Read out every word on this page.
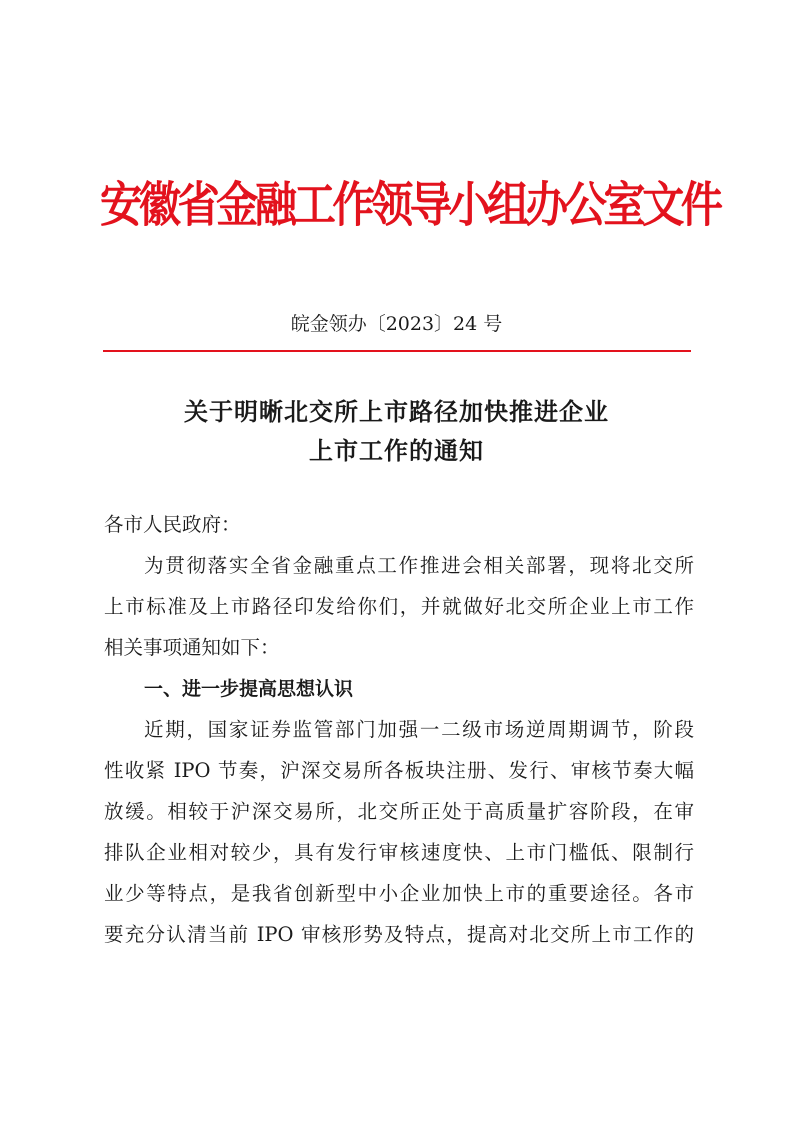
安徽省金融工作领导小组办公室文件
皖金领办〔2023〕24 号
关于明晰北交所上市路径加快推进企业
上市工作的通知
各市人民政府：
为贯彻落实全省金融重点工作推进会相关部署，现将北交所
上市标准及上市路径印发给你们，并就做好北交所企业上市工作
相关事项通知如下：
一、进一步提高思想认识
近期，国家证券监管部门加强一二级市场逆周期调节，阶段
性收紧 IPO 节奏，沪深交易所各板块注册、发行、审核节奏大幅
放缓。相较于沪深交易所，北交所正处于高质量扩容阶段，在审
排队企业相对较少，具有发行审核速度快、上市门槛低、限制行
业少等特点，是我省创新型中小企业加快上市的重要途径。各市
要充分认清当前 IPO 审核形势及特点，提高对北交所上市工作的
